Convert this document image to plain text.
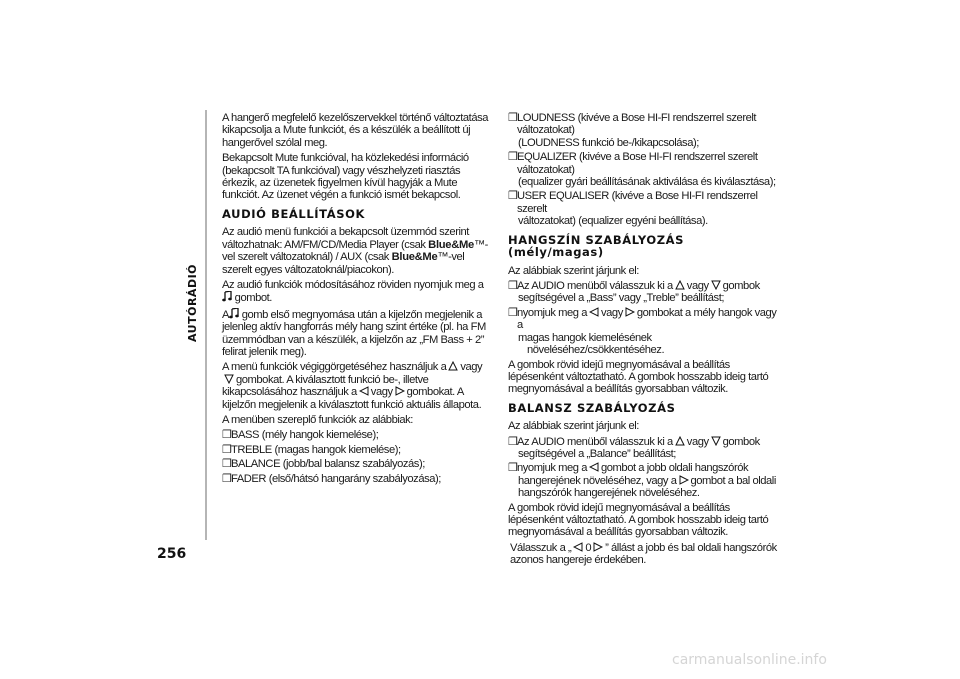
AUTÓRÁDIÓ
256

A hangerő megfelelő kezelőszervekkel történő változtatása kikapcsolja a Mute funkciót, és a készülék a beállított új hangerővel szólal meg.

Bekapcsolt Mute funkcióval, ha közlekedési információ (bekapcsolt TA funkcióval) vagy vészhelyzeti riasztás érkezik, az üzenetek figyelmen kívül hagyják a Mute funkciót. Az üzenet végén a funkció ismét bekapcsol.

AUDIÓ BEÁLLÍTÁSOK

Az audió menü funkciói a bekapcsolt üzemmód szerint változhatnak: AM/FM/CD/Media Player (csak Blue&Me™-vel szerelt változatoknál) / AUX (csak Blue&Me™-vel szerelt egyes változatoknál/piacokon).

Az audió funkciók módosításához röviden nyomjuk meg a

gombot.

A gomb első megnyomása után a kijelzőn megjelenik a jelenleg aktív hangforrás mély hang szint értéke (pl. ha FM üzemmódban van a készülék, a kijelzőn az „FM Bass + 2” felirat jelenik meg).

A menü funkciók végiggörgetéséhez használjuk a vagy

gombokat. A kiválasztott funkció be-, illetve kikapcsolásához használjuk a vagy gombokat. A kijelzőn megjelenik a kiválasztott funkció aktuális állapota.

A menüben szereplő funkciók az alábbiak:

❒BASS (mély hangok kiemelése);
❒TREBLE (magas hangok kiemelése);
❒BALANCE (jobb/bal balansz szabályozás);
❒FADER (első/hátsó hangarány szabályozása);
❒LOUDNESS (kivéve a Bose HI-FI rendszerrel szerelt változatokat)
(LOUDNESS funkció be-/kikapcsolása);
❒EQUALIZER (kivéve a Bose HI-FI rendszerrel szerelt változatokat)
(equalizer gyári beállításának aktiválása és kiválasztása);
❒USER EQUALISER (kivéve a Bose HI-FI rendszerrel szerelt
változatokat) (equalizer egyéni beállítása).
HANGSZÍN SZABÁLYOZÁS
(mély/magas)

Az alábbiak szerint járjunk el:

❒Az AUDIO menüből válasszuk ki a vagy gombok
segítségével a „Bass” vagy „Treble” beállítást;
❒nyomjuk meg a vagy gombokat a mély hangok vagy a
magas hangok kiemelésének növeléséhez/csökkentéséhez.

A gombok rövid idejű megnyomásával a beállítás lépésenként változtatható. A gombok hosszabb ideig tartó megnyomásával a beállítás gyorsabban változik.

BALANSZ SZABÁLYOZÁS

Az alábbiak szerint járjunk el:

❒Az AUDIO menüből válasszuk ki a vagy gombok
segítségével a „Balance” beállítást;
❒nyomjuk meg a gombot a jobb oldali hangszórók
hangerejének növeléséhez, vagy a gombot a bal oldali
hangszórók hangerejének növeléséhez.

A gombok rövid idejű megnyomásával a beállítás lépésenként változtatható. A gombok hosszabb ideig tartó megnyomásával a beállítás gyorsabban változik.

Válasszuk a „ 0 ” állást a jobb és bal oldali hangszórók
azonos hangereje érdekében.

carmanualsonline.info
